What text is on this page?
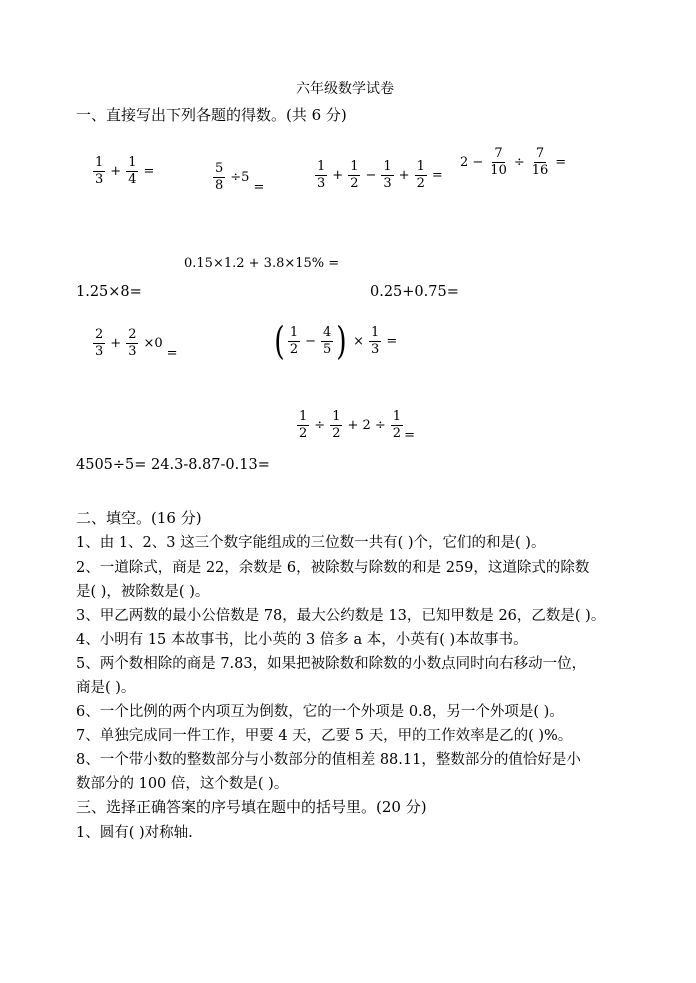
六年级数学试卷
一、直接写出下列各题的得数。(共 6 分)
$\frac{1}{3} + \frac{1}{4}$ =	$\frac{5}{8} \div 5=$	$\frac{1}{3} + \frac{1}{2} - \frac{1}{3} + \frac{1}{2}$ =
$2 - \frac{7}{10} \div \frac{7}{16}$ =
0.15×1.2 + 3.8×15% =
1.25×8=	0.25+0.75=
$\frac{2}{3} + \frac{2}{3} \times 0=$	( $\frac{1}{2} - \frac{4}{5}$ ) × $\frac{1}{3}$ =
$\frac{1}{2} \div \frac{1}{2} + 2 \div \frac{1}{2}$ =
4505÷5= 24.3-8.87-0.13=
二、填空。(16 分)
1、由 1、2、3 这三个数字能组成的三位数一共有( )个，它们的和是( )。
2、一道除式，商是 22，余数是 6，被除数与除数的和是 259，这道除式的除数
是( )，被除数是( )。
3、甲乙两数的最小公倍数是 78，最大公约数是 13，已知甲数是 26，乙数是( )。
4、小明有 15 本故事书，比小英的 3 倍多 a 本，小英有( )本故事书。
5、两个数相除的商是 7.83，如果把被除数和除数的小数点同时向右移动一位，
商是( )。
6、一个比例的两个内项互为倒数，它的一个外项是 0.8，另一个外项是( )。
7、单独完成同一件工作，甲要 4 天，乙要 5 天，甲的工作效率是乙的( )%。
8、一个带小数的整数部分与小数部分的值相差 88.11，整数部分的值恰好是小
数部分的 100 倍，这个数是( )。
三、选择正确答案的序号填在题中的括号里。(20 分)
1、圆有( )对称轴.
